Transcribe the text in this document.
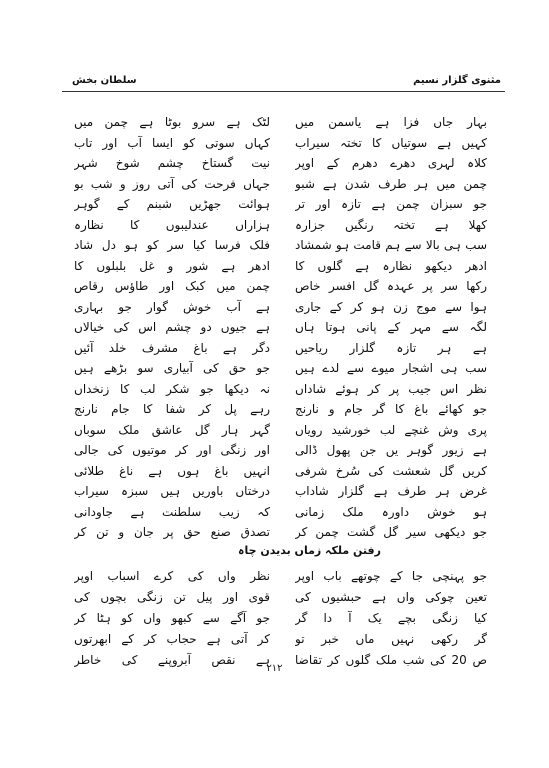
مثنوی گلزار نسیم
سلطان بخش
بہار جاں فزا ہے یاسمن میں
لٹک ہے سرو بوٹا ہے چمن میں
کہیں ہے سوتیاں کا تختہ سیراب
کہاں سوتی کو ایسا آب اور تاب
کلاہ لہری دھرے دھرم کے اوپر
نیت گستاخ چشم شوخ شہر
چمن میں ہر طرف شدن ہے شبو
جہاں فرحت کی آتی روز و شب بو
جو سبزان چمن ہے تازہ اور تر
ہوائت جھڑیں شبنم کے گوہر
کھلا ہے تختہ رنگیں جزارہ
ہزاراں عندلیبوں کا نظارہ
سب ہی بالا سے ہم قامت ہو شمشاد
فلک فرسا کیا سر کو ہو دل شاد
ادھر دیکھو نظارہ ہے گلوں کا
ادھر ہے شور و غل بلبلوں کا
رکھا سر پر عہدہ گل افسر خاص
چمن میں کبک اور طاؤس رقاص
ہوا سے موج زن ہو کر کے جاری
ہے آب خوش گوار جو بہاری
لگہ سے مہر کے پانی ہوتا ہاں
ہے جیوں دو چشم اس کی خیالاں
ہے ہر تازہ گلزار ریاحیں
دگر ہے باغ مشرف خلد آئیں
سب ہی اشجار میوے سے لدے ہیں
جو حق کی آبیاری سو بڑھے ہیں
نظر اس جیب پر کر ہوئے شاداں
نہ دیکھا جو شکر لب کا زنخداں
جو کھائے باغ کا گر جام و نارنج
رہے پل کر شفا کا جام نارنج
پری وش غنچے لب خورشید رویاں
گہر ہار گل عاشق ملک سوباں
ہے زیور گوہر یں جن پھول ڈالی
اور زنگی اور کر موتیوں کی جالی
کریں گل شعشت کی سُرخ شرفی
انہیں باغ ہوں ہے ناغ طلائی
غرض ہر طرف ہے گلزار شاداب
درختاں باوریں ہیں سبزہ سیراب
ہو خوش داورہ ملک زمانی
کہ زیب سلطنت ہے جاودانی
جو دیکھی سیر گل گشت چمن کر
تصدق صنع حق پر جان و تن کر
رفتن ملکہ زماں بدیدن چاہ
جو پہنچی جا کے چوتھے باب اوپر
نظر واں کی کرے اسباب اوپر
تعین چوکی واں ہے حبشیوں کی
قوی اور پیل تن زنگی بچوں کی
کیا زنگی بچے یک آ دا گر
جو آگے سے کبھو واں کو ہٹا کر
گر رکھی نہیں ماں خبر تو
کر آتی ہے حجاب کر کے ابھرتوں
ص 20 کی شب ملک گلوں کر تقاضا
ہے نقص آبروپنے کی خاطر
۲۱۲
